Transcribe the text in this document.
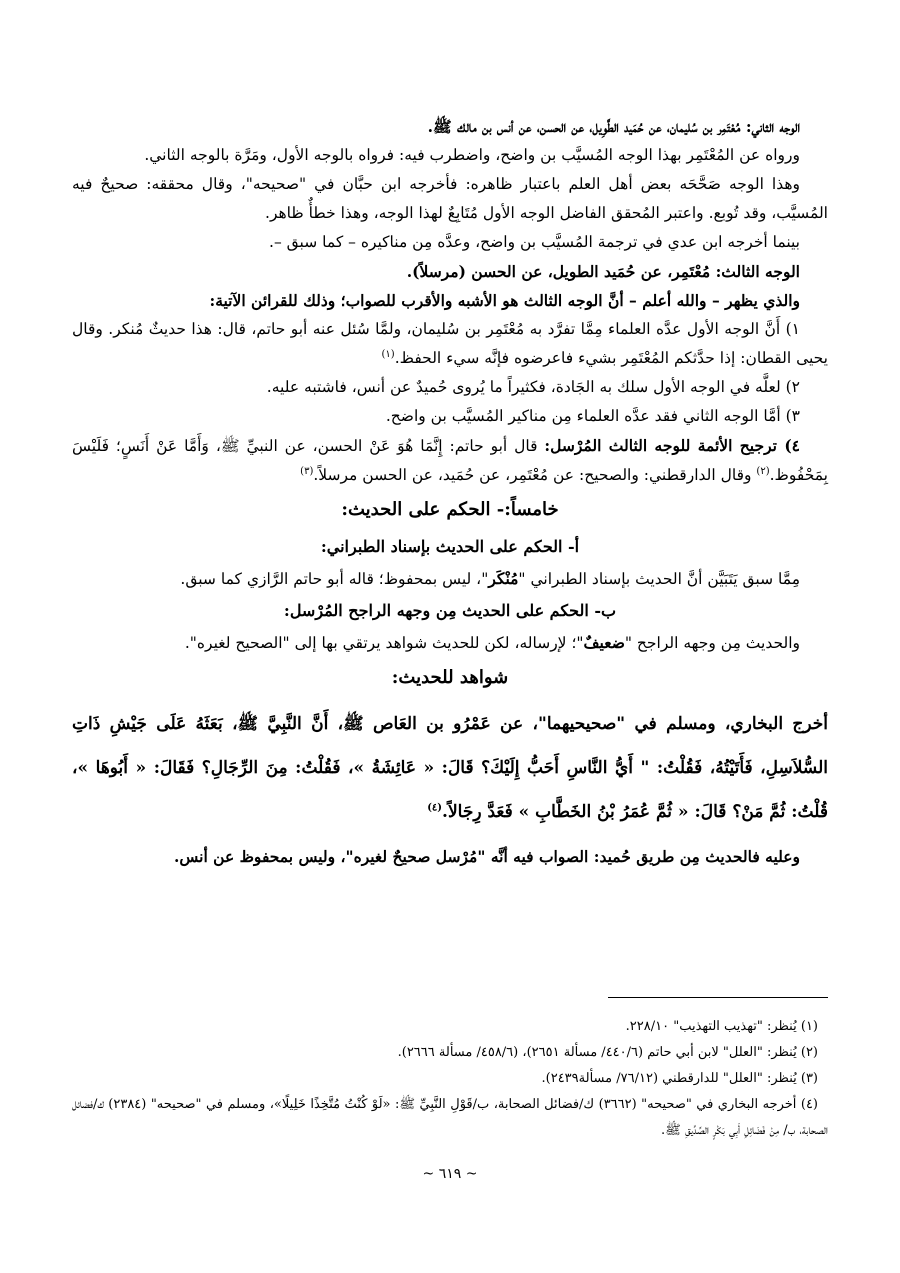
الوجه الثاني: مُعْتَمِر بن سُليمان، عن حُمَيد الطَّوِيل، عن الحسن، عن أنس بن مالك ﷺ.

ورواه عن المُعْتَمِر بهذا الوجه المُسيَّب بن واضح، واضطرب فيه: فرواه بالوجه الأول، ومَرَّة بالوجه الثاني.

وهذا الوجه صَحَّحَه بعض أهل العلم باعتبار ظاهره: فأخرجه ابن حبَّان في "صحيحه"، وقال محققه: صحيحٌ فيه المُسيَّب، وقد تُوبع. واعتبر المُحقق الفاضل الوجه الأول مُتَابِعٌ لهذا الوجه، وهذا خطأٌ ظاهر.

بينما أخرجه ابن عدي في ترجمة المُسيَّب بن واضح، وعدَّه مِن مناكيره – كما سبق –.

الوجه الثالث: مُعْتَمِر، عن حُمَيد الطويل، عن الحسن (مرسلاً).

والذي يظهر – والله أعلم – أنَّ الوجه الثالث هو الأشبه والأقرب للصواب؛ وذلك للقرائن الآتية:

١) أَنَّ الوجه الأول عدَّه العلماء مِمَّا تفرَّد به مُعْتَمِر بن سُليمان، ولمَّا سُئل عنه أبو حاتم، قال: هذا حديثٌ مُنكر. وقال يحيى القطان: إذا حدَّثكم المُعْتَمِر بشيء فاعرضوه فإنَّه سيء الحفظ.$^{(١)}$

٢) لعلَّه في الوجه الأول سلك به الجَادة، فكثيراً ما يُروى حُميدٌ عن أنس، فاشتبه عليه.

٣) أمَّا الوجه الثاني فقد عدَّه العلماء مِن مناكير المُسيَّب بن واضح.

٤) ترجيح الأئمة للوجه الثالث المُرْسل: قال أبو حاتم: إِنَّمَا هُوَ عَنْ الحسن، عن النبيِّ ﷺ، وَأَمَّا عَنْ أَنَسٍ؛ فَلَيْسَ بِمَحْفُوظ.$^{(٢)}$ وقال الدارقطني: والصحيح: عن مُعْتَمِر، عن حُمَيد، عن الحسن مرسلاً.$^{(٣)}$

خامساً:- الحكم على الحديث:

أ- الحكم على الحديث بإسناد الطبراني:

مِمَّا سبق يَتَبَيَّن أنَّ الحديث بإسناد الطبراني "مُنْكَر"، ليس بمحفوظ؛ قاله أبو حاتم الرَّازي كما سبق.

ب- الحكم على الحديث مِن وجهه الراجح المُرْسل:

والحديث مِن وجهه الراجح "ضعيفٌ"؛ لإرساله، لكن للحديث شواهد يرتقي بها إلى "الصحيح لغيره".

شواهد للحديث:

أخرج البخاري، ومسلم في "صحيحيهما"، عن عَمْرُو بن العَاص ﷺ، أَنَّ النَّبِيَّ ﷺ، بَعَثَهُ عَلَى جَيْشِ ذَاتِ السُّلاَسِلِ، فَأَتَيْتُهُ، فَقُلْتُ: " أَيُّ النَّاسِ أَحَبُّ إِلَيْكَ؟ قَالَ: « عَائِشَةُ »، فَقُلْتُ: مِنَ الرِّجَالِ؟ فَقَالَ: « أَبُوهَا »، قُلْتُ: ثُمَّ مَنْ؟ قَالَ: « ثُمَّ عُمَرُ بْنُ الخَطَّابِ » فَعَدَّ رِجَالاً.$^{(٤)}$

وعليه فالحديث مِن طريق حُميد: الصواب فيه أنَّه "مُرْسل صحيحٌ لغيره"، وليس بمحفوظ عن أنس.

(١) يُنظر: "تهذيب التهذيب" ٢٢٨/١٠.

(٢) يُنظر: "العلل" لابن أبي حاتم (٤٤٠/٦/ مسألة ٢٦٥١)، (٤٥٨/٦/ مسألة ٢٦٦٦).

(٣) يُنظر: "العلل" للدارقطني (٧٦/١٢/ مسألة٢٤٣٩).

(٤) أخرجه البخاري في "صحيحه" (٣٦٦٢) ك/فضائل الصحابة، ب/قَوْلِ النَّبِيِّ ﷺ: «لَوْ كُنْتُ مُتَّخِذًا خَلِيلًا»، ومسلم في "صحيحه" (٢٣٨٤) ك/فضائل الصحابة، ب/ مِنْ فَضَائِلِ أَبِي بَكْرٍ الصِّدِّيقِ ﷺ.

~ ٦١٩ ~
